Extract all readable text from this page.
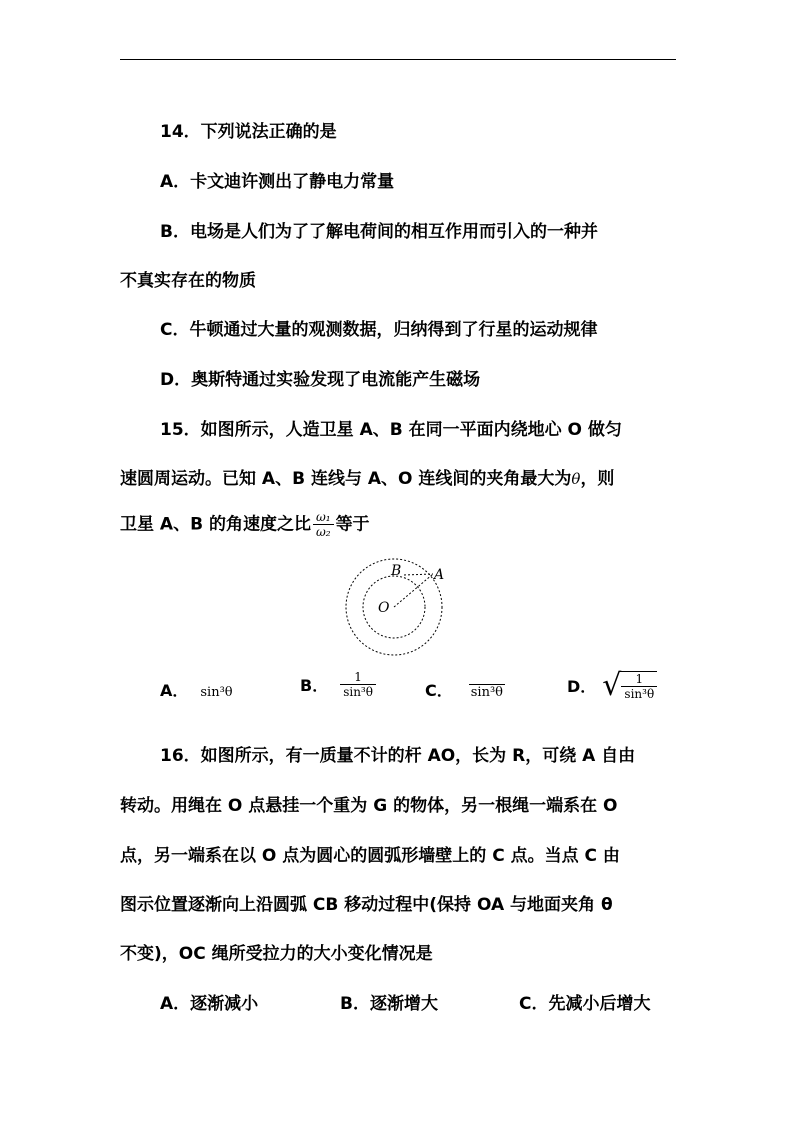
14．下列说法正确的是
A．卡文迪许测出了静电力常量
B．电场是人们为了了解电荷间的相互作用而引入的一种并
不真实存在的物质
C．牛顿通过大量的观测数据，归纳得到了行星的运动规律
D．奥斯特通过实验发现了电流能产生磁场
15．如图所示，人造卫星 A、B 在同一平面内绕地心 O 做匀
速圆周运动。已知 A、B 连线与 A、O 连线间的夹角最大为θ，则
卫星 A、B 的角速度之比 $\frac{\text{ω₁}}{\text{ω₂}}$ 等于
B A
O
A． sin³θ	B． $\frac{1}{\text{sin³θ}}$	C． sin³θ	D． √ $\frac{1}{\text{sin³θ}}$
16．如图所示，有一质量不计的杆 AO，长为 R，可绕 A 自由
转动。用绳在 O 点悬挂一个重为 G 的物体，另一根绳一端系在 O
点，另一端系在以 O 点为圆心的圆弧形墙壁上的 C 点。当点 C 由
图示位置逐渐向上沿圆弧 CB 移动过程中(保持 OA 与地面夹角 θ
不变)，OC 绳所受拉力的大小变化情况是
A．逐渐减小	B．逐渐增大	C．先减小后增大
